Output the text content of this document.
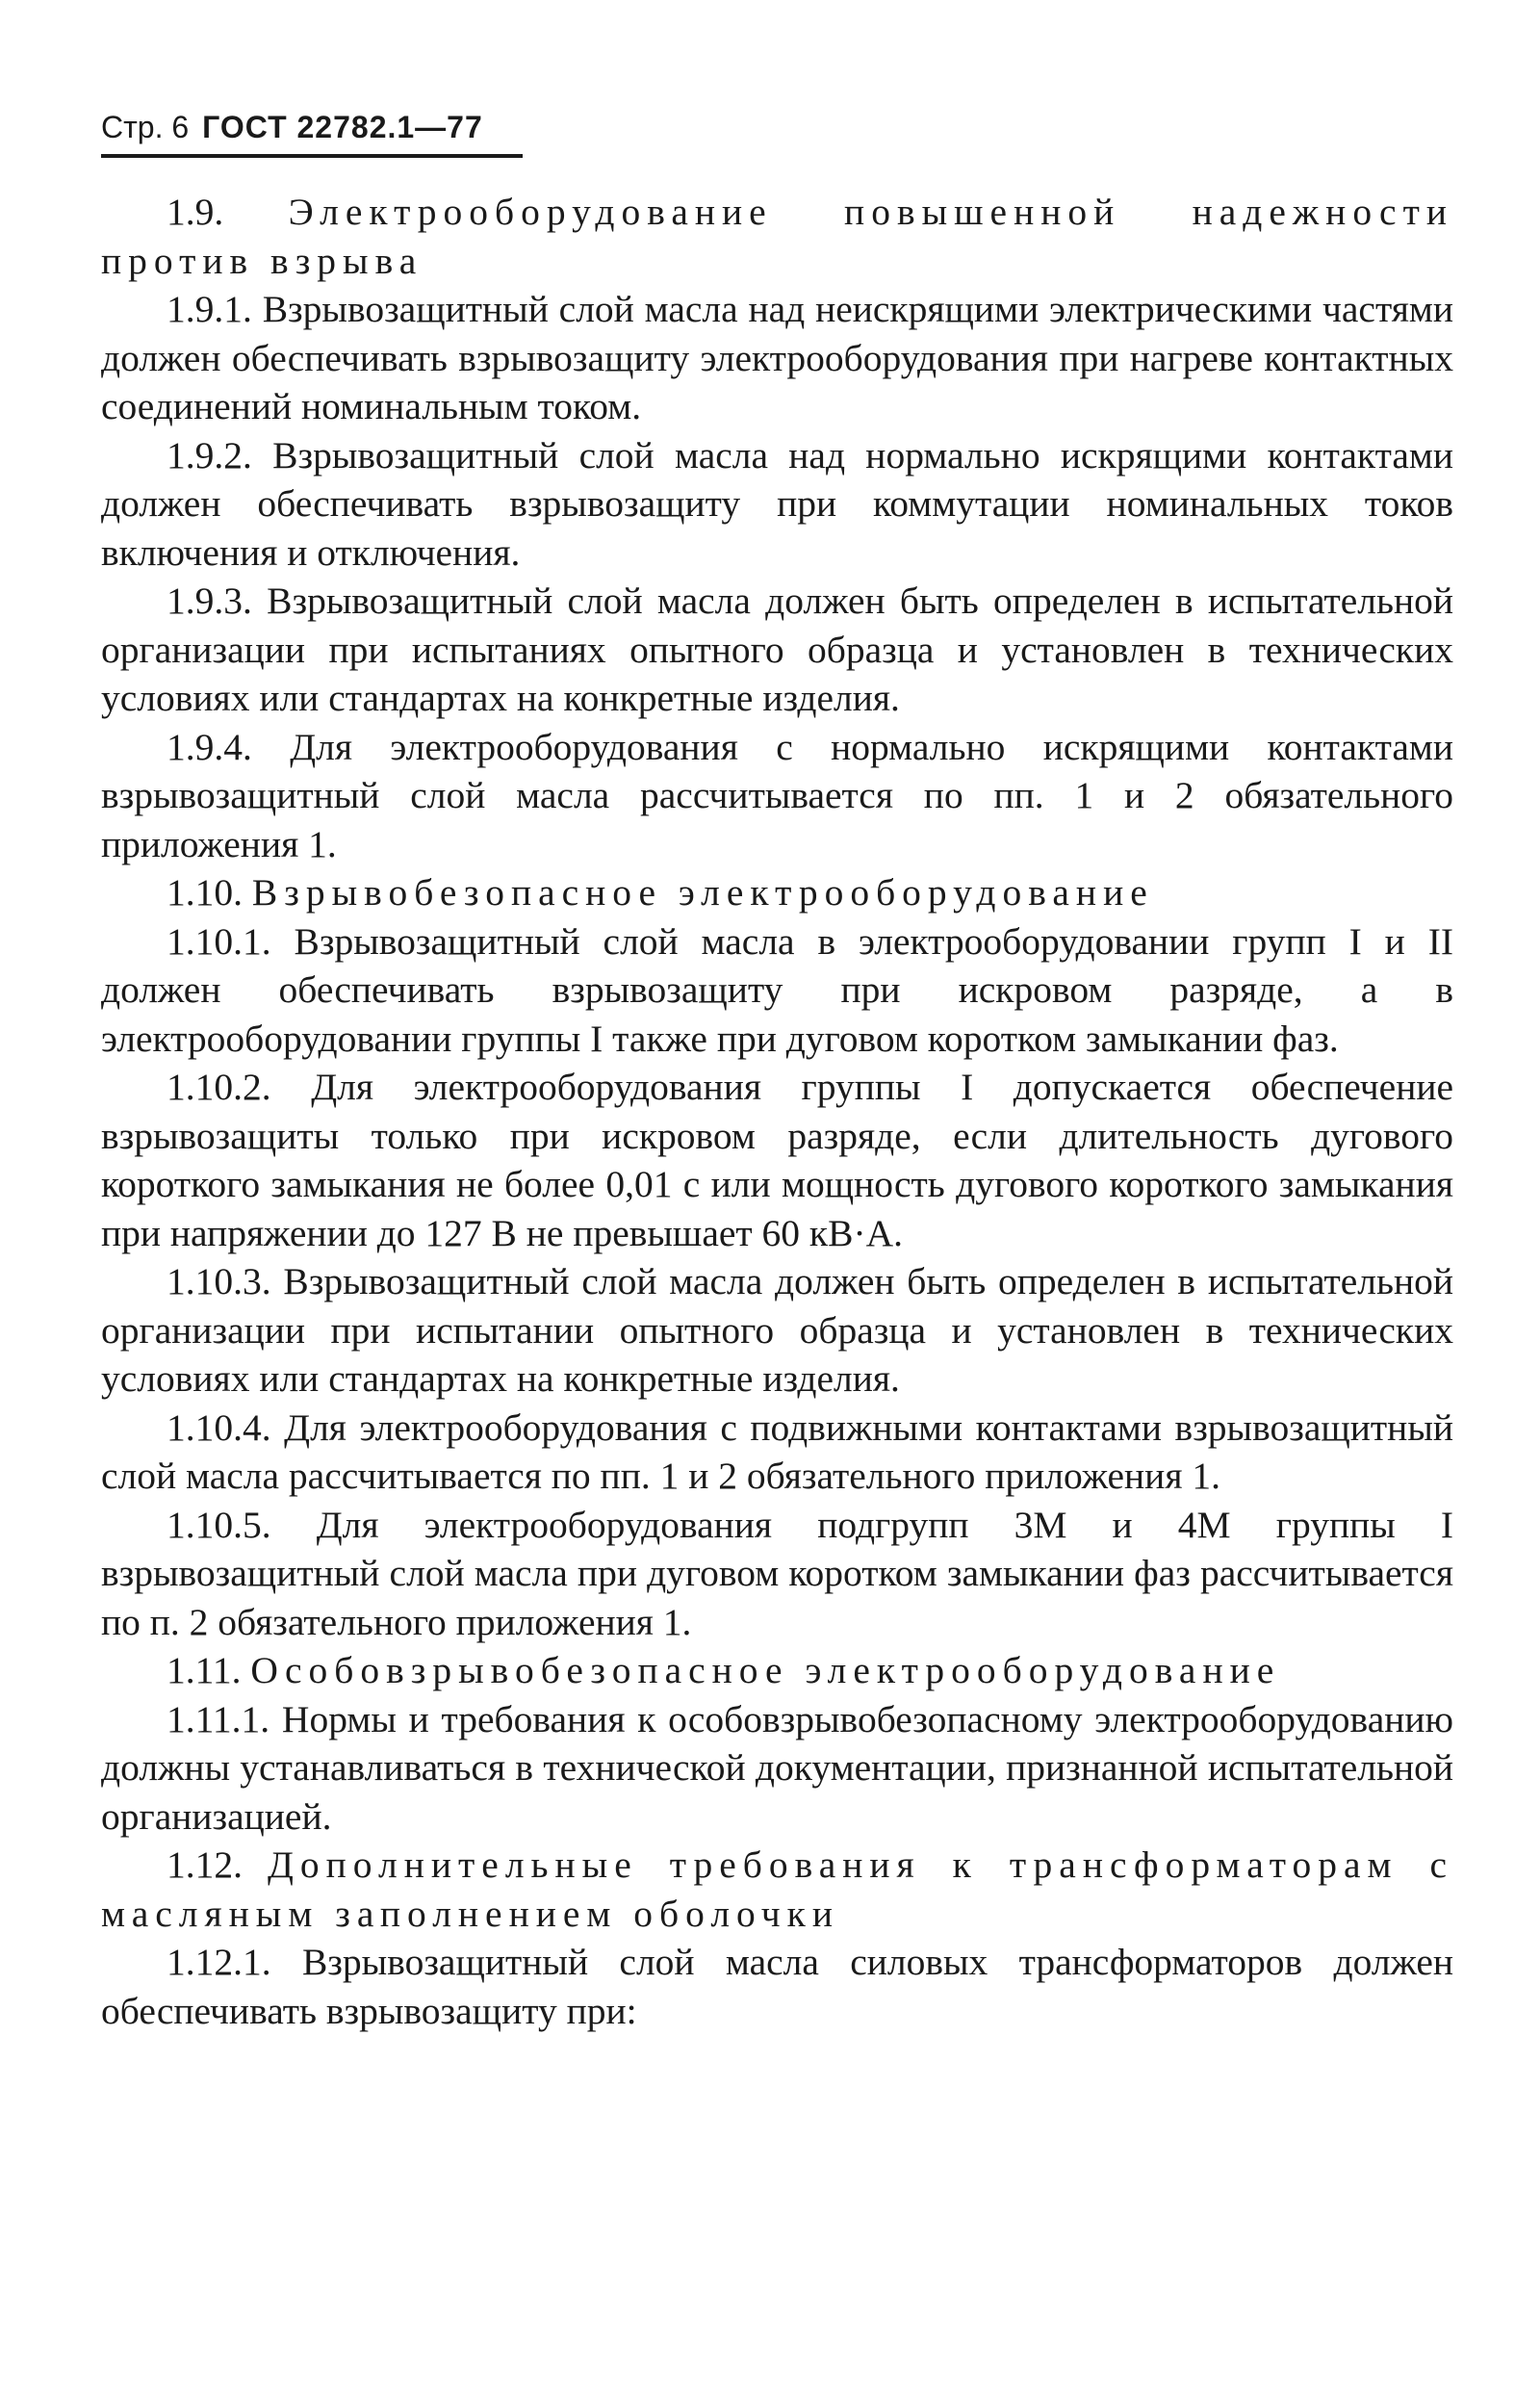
Стр. 6 ГОСТ 22782.1—77

1.9. Электрооборудование повышенной надежности против взрыва

1.9.1. Взрывозащитный слой масла над неискрящими электрическими частями должен обеспечивать взрывозащиту электрооборудования при нагреве контактных соединений номинальным током.

1.9.2. Взрывозащитный слой масла над нормально искрящими контактами должен обеспечивать взрывозащиту при коммутации номинальных токов включения и отключения.

1.9.3. Взрывозащитный слой масла должен быть определен в испытательной организации при испытаниях опытного образца и установлен в технических условиях или стандартах на конкретные изделия.

1.9.4. Для электрооборудования с нормально искрящими контактами взрывозащитный слой масла рассчитывается по пп. 1 и 2 обязательного приложения 1.

1.10. Взрывобезопасное электрооборудование

1.10.1. Взрывозащитный слой масла в электрооборудовании групп I и II должен обеспечивать взрывозащиту при искровом разряде, а в электрооборудовании группы I также при дуговом коротком замыкании фаз.

1.10.2. Для электрооборудования группы I допускается обеспечение взрывозащиты только при искровом разряде, если длительность дугового короткого замыкания не более 0,01 с или мощность дугового короткого замыкания при напряжении до 127 В не превышает 60 кВ·А.

1.10.3. Взрывозащитный слой масла должен быть определен в испытательной организации при испытании опытного образца и установлен в технических условиях или стандартах на конкретные изделия.

1.10.4. Для электрооборудования с подвижными контактами взрывозащитный слой масла рассчитывается по пп. 1 и 2 обязательного приложения 1.

1.10.5. Для электрооборудования подгрупп 3М и 4М группы I взрывозащитный слой масла при дуговом коротком замыкании фаз рассчитывается по п. 2 обязательного приложения 1.

1.11. Особовзрывобезопасное электрооборудование

1.11.1. Нормы и требования к особовзрывобезопасному электрооборудованию должны устанавливаться в технической документации, признанной испытательной организацией.

1.12. Дополнительные требования к трансформаторам с масляным заполнением оболочки

1.12.1. Взрывозащитный слой масла силовых трансформаторов должен обеспечивать взрывозащиту при:
